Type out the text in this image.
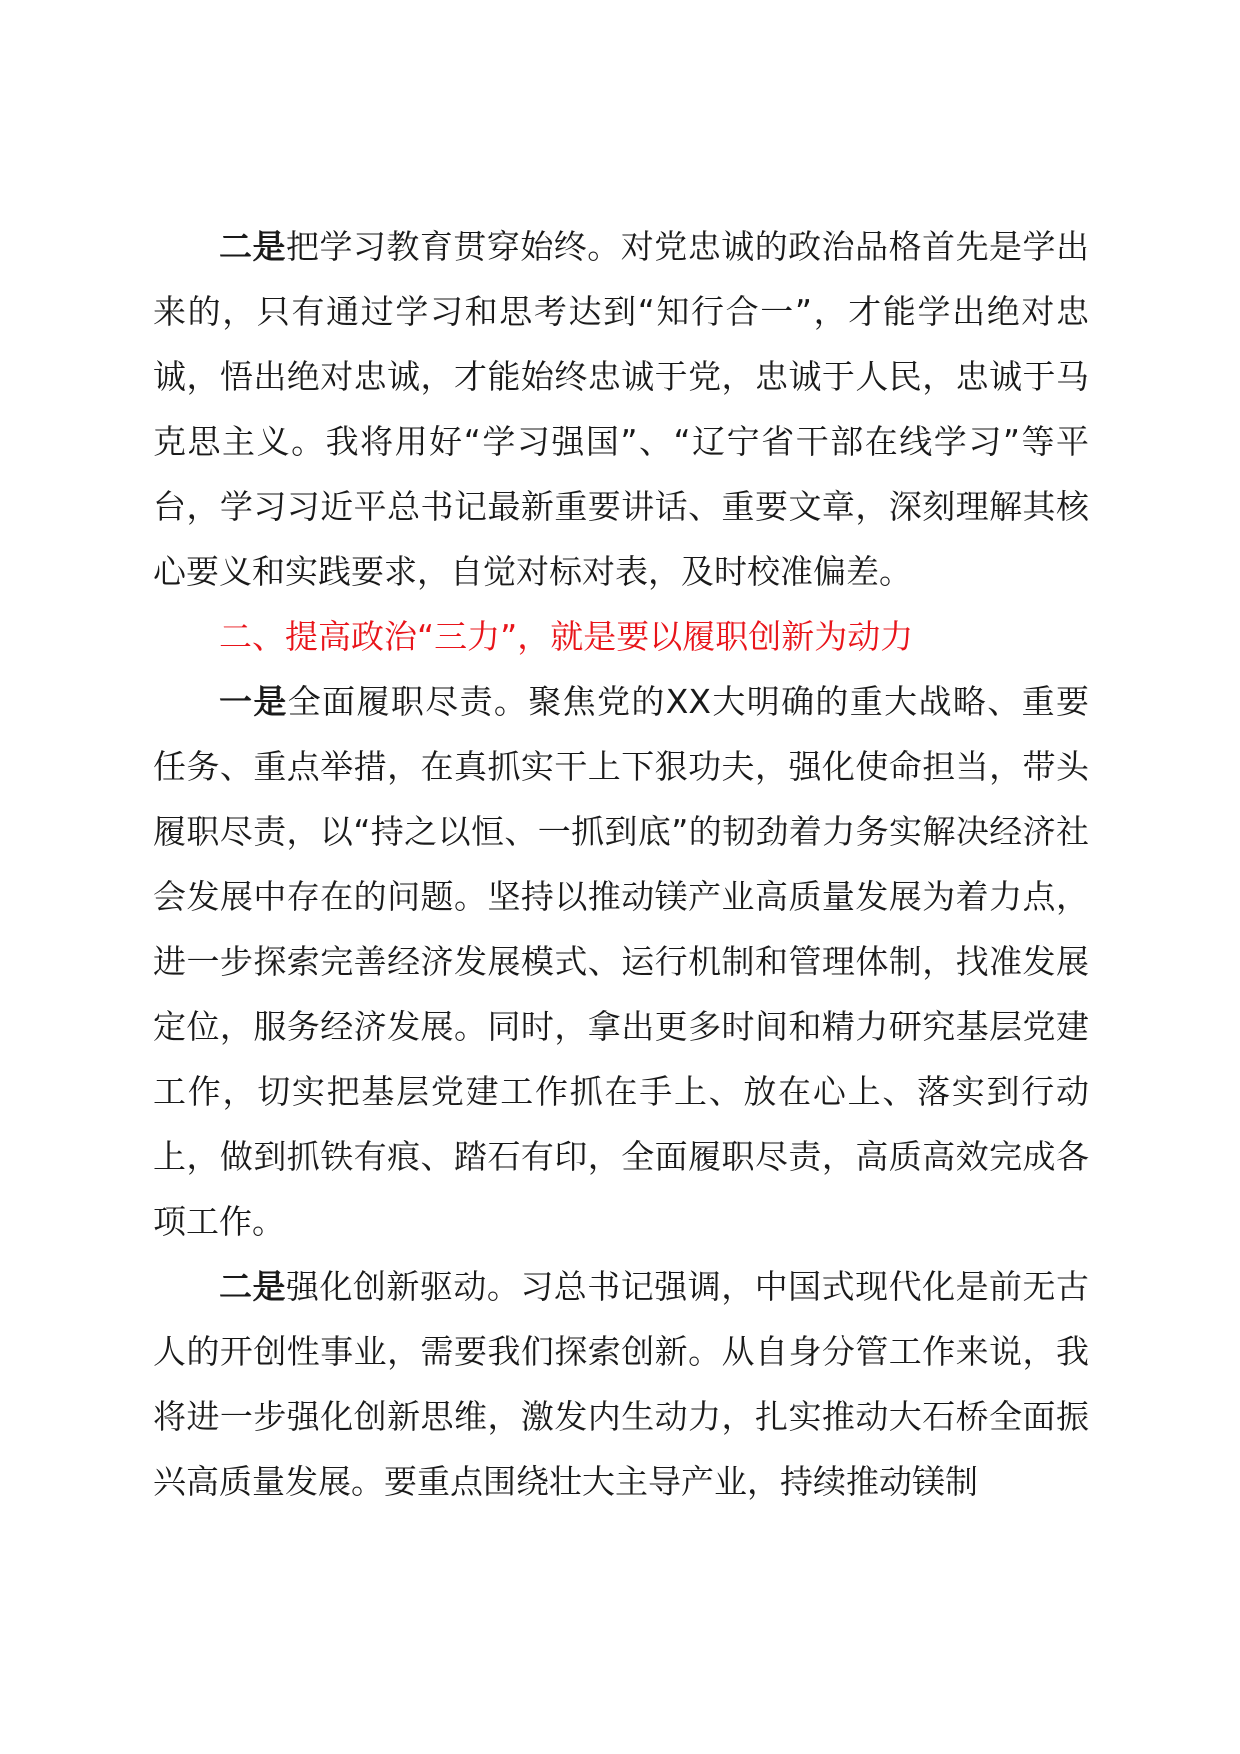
二是把学习教育贯穿始终。对党忠诚的政治品格首先是学出来的，只有通过学习和思考达到“知行合一”，才能学出绝对忠诚，悟出绝对忠诚，才能始终忠诚于党，忠诚于人民，忠诚于马克思主义。我将用好“学习强国”、“辽宁省干部在线学习”等平台，学习习近平总书记最新重要讲话、重要文章，深刻理解其核心要义和实践要求，自觉对标对表，及时校准偏差。

二、提高政治“三力”，就是要以履职创新为动力

一是全面履职尽责。聚焦党的XX大明确的重大战略、重要任务、重点举措，在真抓实干上下狠功夫，强化使命担当，带头履职尽责，以“持之以恒、一抓到底”的韧劲着力务实解决经济社会发展中存在的问题。坚持以推动镁产业高质量发展为着力点，进一步探索完善经济发展模式、运行机制和管理体制，找准发展定位，服务经济发展。同时，拿出更多时间和精力研究基层党建工作，切实把基层党建工作抓在手上、放在心上、落实到行动上，做到抓铁有痕、踏石有印，全面履职尽责，高质高效完成各项工作。

二是强化创新驱动。习总书记强调，中国式现代化是前无古人的开创性事业，需要我们探索创新。从自身分管工作来说，我将进一步强化创新思维，激发内生动力，扎实推动大石桥全面振兴高质量发展。要重点围绕壮大主导产业，持续推动镁制
